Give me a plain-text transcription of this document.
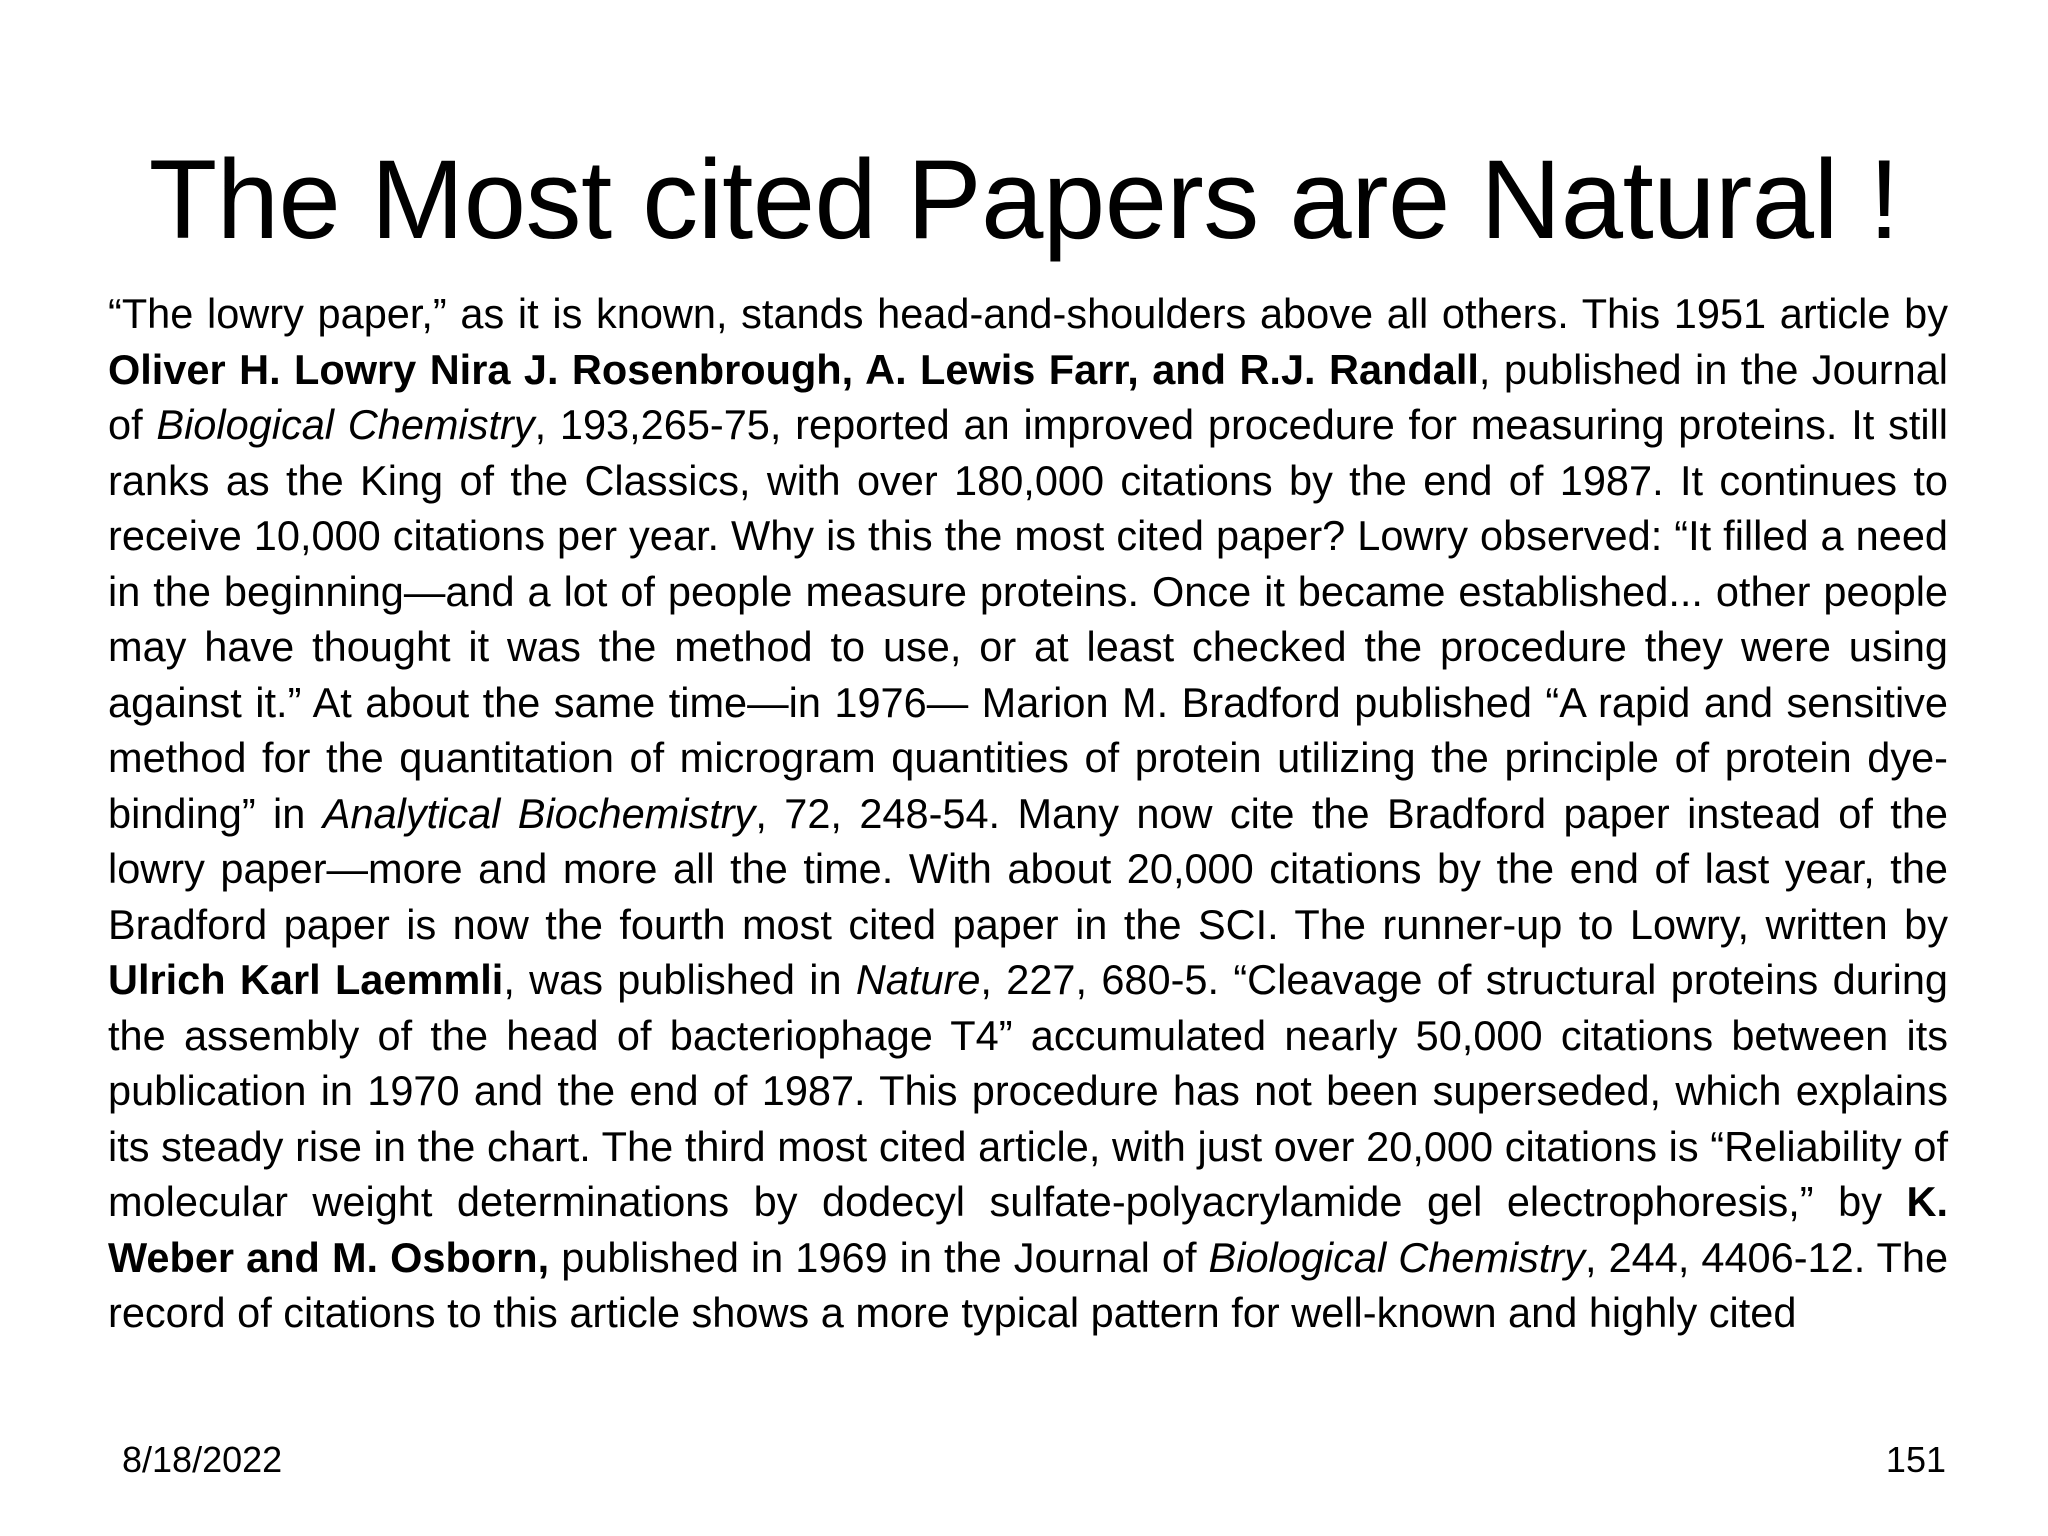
The Most cited Papers are Natural !

“The lowry paper,” as it is known, stands head-and-shoulders above all others. This 1951 article by Oliver H. Lowry Nira J. Rosenbrough, A. Lewis Farr, and R.J. Randall, published in the Journal of Biological Chemistry, 193,265-75, reported an improved procedure for measuring proteins. It still ranks as the King of the Classics, with over 180,000 citations by the end of 1987. It continues to receive 10,000 citations per year. Why is this the most cited paper? Lowry observed: “It filled a need in the beginning—and a lot of people measure proteins. Once it became established... other people may have thought it was the method to use, or at least checked the procedure they were using against it.” At about the same time—in 1976— Marion M. Bradford published “A rapid and sensitive method for the quantitation of microgram quantities of protein utilizing the principle of protein dye-binding” in Analytical Biochemistry, 72, 248-54. Many now cite the Bradford paper instead of the lowry paper—more and more all the time. With about 20,000 citations by the end of last year, the Bradford paper is now the fourth most cited paper in the SCI. The runner-up to Lowry, written by Ulrich Karl Laemmli, was published in Nature, 227, 680-5. “Cleavage of structural proteins during the assembly of the head of bacteriophage T4” accumulated nearly 50,000 citations between its publication in 1970 and the end of 1987. This procedure has not been superseded, which explains its steady rise in the chart. The third most cited article, with just over 20,000 citations is “Reliability of molecular weight determinations by dodecyl sulfate-polyacrylamide gel electrophoresis,” by K. Weber and M. Osborn, published in 1969 in the Journal of Biological Chemistry, 244, 4406-12. The record of citations to this article shows a more typical pattern for well-known and highly cited

8/18/2022	151
